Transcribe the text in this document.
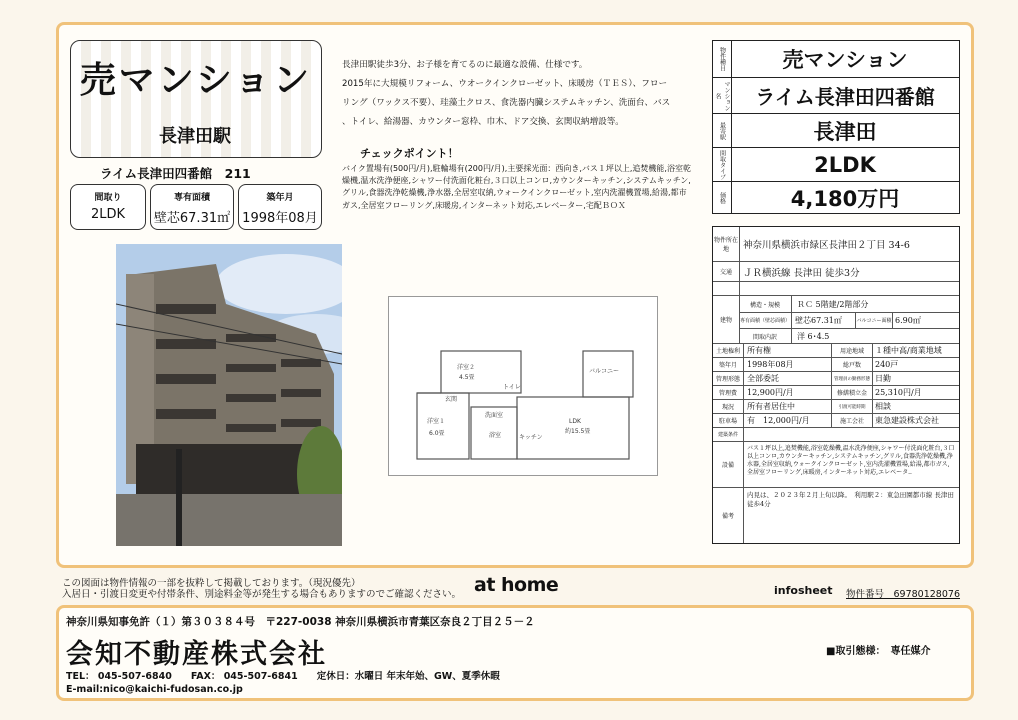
売マンション
長津田駅
ライム長津田四番館　211
間取り
2LDK
専有面積
壁芯67.31㎡
築年月
1998年08月
長津田駅徒歩3分、お子様を育てるのに最適な設備、仕様です。
2015年に大規模リフォーム、ウオークインクローゼット、床暖房（ＴＥＳ）、フロー
リング（ワックス不要）、珪藻土クロス、食洗器内臓システムキッチン、洗面台、バス
、トイレ、給湯器、カウンター窓枠、巾木、ドア交換、玄関収納増設等。
チェックポイント！
バイク置場有(500円/月),駐輪場有(200円/月),主要採光面：西向き,バス１坪以上,追焚機能,浴室乾燥機,温水洗浄便座,シャワー付洗面化粧台,３口以上コンロ,カウンターキッチン,システムキッチン,グリル,食器洗浄乾燥機,浄水器,全居室収納,ウォークインクローゼット,室内洗濯機置場,給湯,都市ガス,全居室フローリング,床暖房,インターネット対応,エレベーター,宅配ＢＯＸ
洋室２
4.5畳
洋室１
6.0畳
LDK
約15.5畳
バルコニー
キッチン
浴室
洗面室
トイレ
玄関
物件種目	売マンション
マンション名	ライム長津田四番館
最寄駅	長津田
間取タイプ	2LDK
価格	4,180万円
物件所在地	神奈川県横浜市緑区長津田２丁目 34-6
交通	ＪＲ横浜線 長津田 徒歩3分
建物
構造・規模	ＲＣ 5階建/2階部分
専有面積（壁芯面積） 壁芯67.31㎡	バルコニー面積 6.90㎡
間取内訳	洋 6･4.5
土地権利 所有権	用途地域	１種中高/商業地域
築年月	1998年08月	総戸数	240戸
管理形態 全部委託	管理員の勤務形態 日勤
管理費	12,900円/月	修繕積立金	25,310円/月
現況	所有者居住中	引渡可能時期	相談
駐車場	有　12,000円/月	施工会社	東急建設株式会社
建築条件
設備
バス１坪以上,追焚機能,浴室乾燥機,温水洗浄便座,シャワー付洗面化粧台,３口以上コンロ,カウンターキッチン,システムキッチン,グリル,食器洗浄乾燥機,浄水器,全居室収納,ウォークインクローゼット,室内洗濯機置場,給湯,都市ガス,全居室フローリング,床暖房,インターネット対応,エレベータ..
備考
内見は、２０２３年２月上旬以降。　利用駅２：東急田園都市線 長津田 徒歩4分
この図面は物件情報の一部を抜粋して掲載しております。（現況優先）
入居日・引渡日変更や付帯条件、別途料金等が発生する場合もありますのでご確認ください。 at home	infosheet 物件番号　69780128076
神奈川県知事免許（１）第３０３８４号　〒227-0038 神奈川県横浜市青葉区奈良２丁目２５－２
会知不動産株式会社
TEL： 045-507-6840　　FAX： 045-507-6841　　定休日：水曜日 年末年始、GW、夏季休暇
E-mail:nico@kaichi-fudosan.co.jp
■取引態様：　専任媒介
